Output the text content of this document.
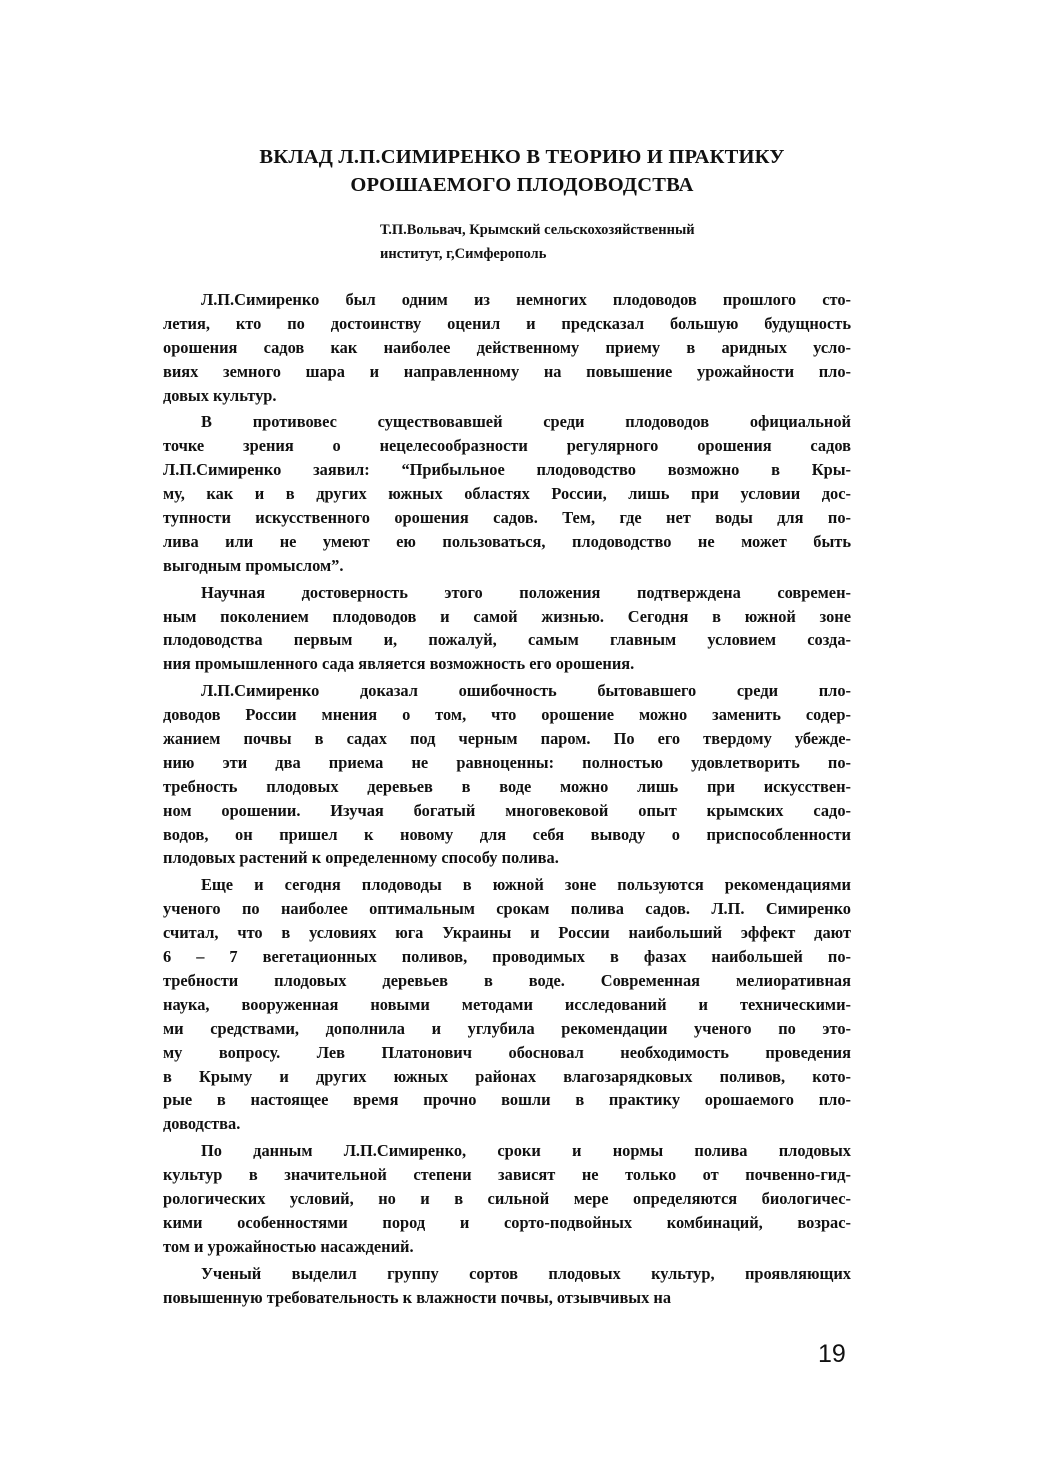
ВКЛАД Л.П.СИМИРЕНКО В ТЕОРИЮ И ПРАКТИКУ
ОРОШАЕМОГО ПЛОДОВОДСТВА
Т.П.Вольвач, Крымский сельскохозяйственный
институт, г,Симферополь
Л.П.Симиренко был одним из немногих плодоводов прошлого сто-
летия, кто по достоинству оценил и предсказал большую будущность
орошения садов как наиболее действенному приему в аридных усло-
виях земного шара и направленному на повышение урожайности пло-
довых культур.
В противовес существовавшей среди плодоводов официальной
точке зрения о нецелесообразности регулярного орошения садов
Л.П.Симиренко заявил: “Прибыльное плодоводство возможно в Кры-
му, как и в других южных областях России, лишь при условии дос-
тупности искусственного орошения садов. Тем, где нет воды для по-
лива или не умеют ею пользоваться, плодоводство не может быть
выгодным промыслом”.
Научная достоверность этого положения подтверждена современ-
ным поколением плодоводов и самой жизнью. Сегодня в южной зоне
плодоводства первым и, пожалуй, самым главным условием созда-
ния промышленного сада является возможность его орошения.
Л.П.Симиренко доказал ошибочность бытовавшего среди пло-
доводов России мнения о том, что орошение можно заменить содер-
жанием почвы в садах под черным паром. По его твердому убежде-
нию эти два приема не равноценны: полностью удовлетворить по-
требность плодовых деревьев в воде можно лишь при искусствен-
ном орошении. Изучая богатый многовековой опыт крымских садо-
водов, он пришел к новому для себя выводу о приспособленности
плодовых растений к определенному способу полива.
Еще и сегодня плодоводы в южной зоне пользуются рекомендациями
ученого по наиболее оптимальным срокам полива садов. Л.П. Симиренко
считал, что в условиях юга Украины и России наибольший эффект дают
6 – 7 вегетационных поливов, проводимых в фазах наибольшей по-
требности плодовых деревьев в воде. Современная мелиоративная
наука, вооруженная новыми методами исследований и техническими-
ми средствами, дополнила и углубила рекомендации ученого по это-
му вопросу. Лев Платонович обосновал необходимость проведения
в Крыму и других южных районах влагозарядковых поливов, кото-
рые в настоящее время прочно вошли в практику орошаемого пло-
доводства.
По данным Л.П.Симиренко, сроки и нормы полива плодовых
культур в значительной степени зависят не только от почвенно-гид-
рологических условий, но и в сильной мере определяются биологичес-
кими особенностями пород и сорто-подвойных комбинаций, возрас-
том и урожайностью насаждений.
Ученый выделил группу сортов плодовых культур, проявляющих
повышенную требовательность к влажности почвы, отзывчивых на
19
